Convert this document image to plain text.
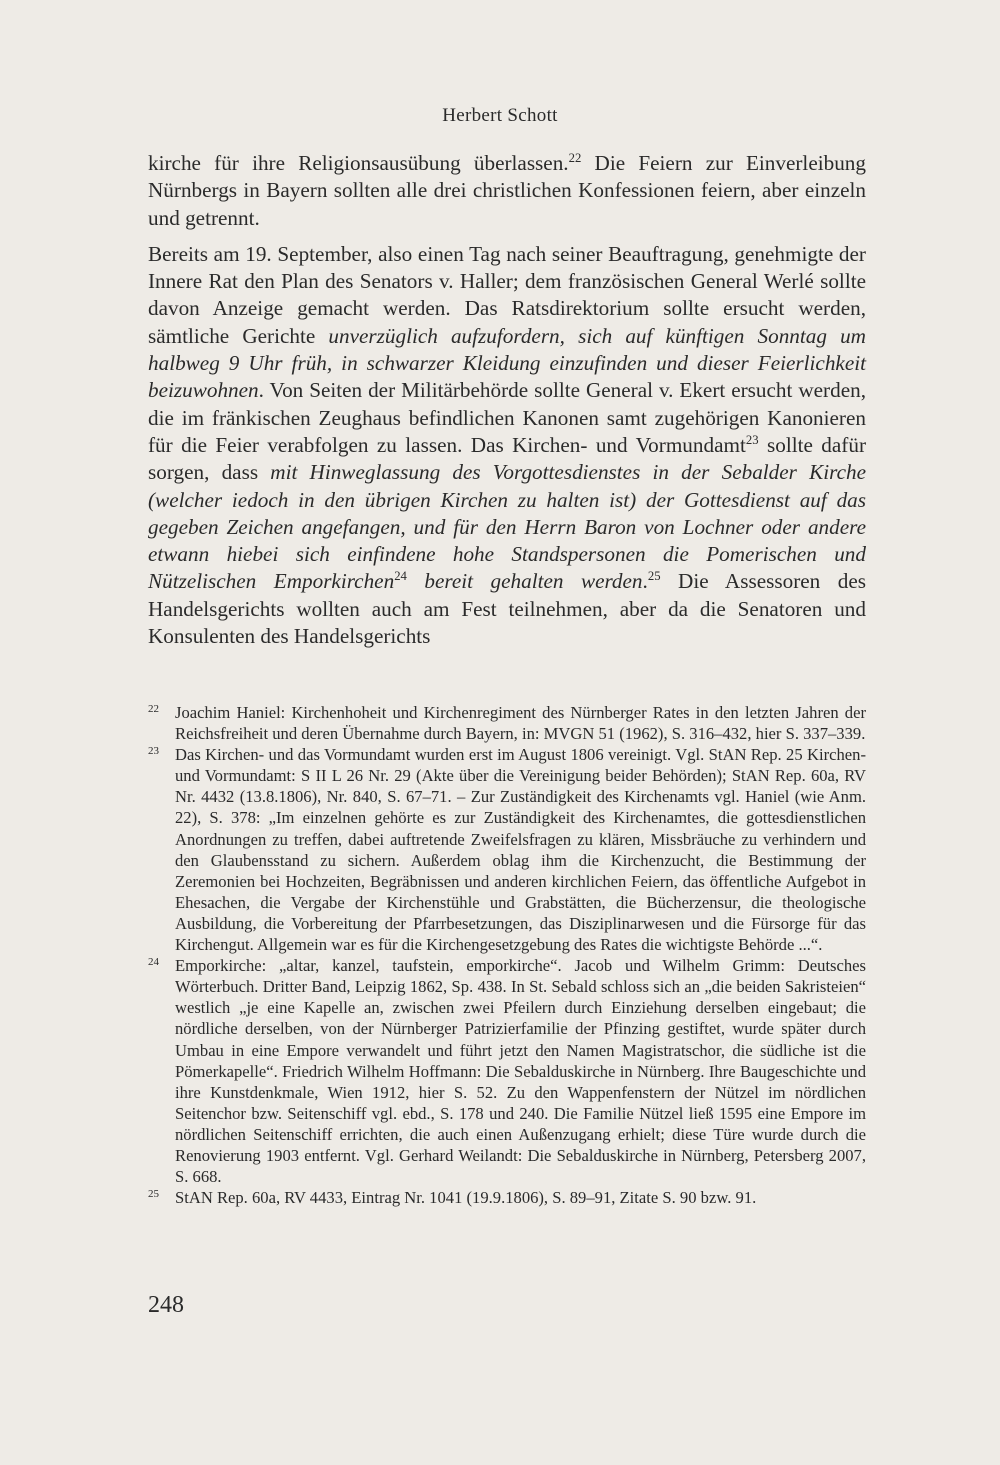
Herbert Schott

kirche für ihre Religionsausübung überlassen.$^{22}$ Die Feiern zur Einverleibung Nürnbergs in Bayern sollten alle drei christlichen Konfessionen feiern, aber einzeln und getrennt.

Bereits am 19. September, also einen Tag nach seiner Beauftragung, genehmigte der Innere Rat den Plan des Senators v. Haller; dem französischen General Werlé sollte davon Anzeige gemacht werden. Das Ratsdirektorium sollte ersucht werden, sämtliche Gerichte unverzüglich aufzufordern, sich auf künftigen Sonntag um halbweg 9 Uhr früh, in schwarzer Kleidung einzufinden und dieser Feierlichkeit beizuwohnen. Von Seiten der Militärbehörde sollte General v. Ekert ersucht werden, die im fränkischen Zeughaus befindlichen Kanonen samt zugehörigen Kanonieren für die Feier verabfolgen zu lassen. Das Kirchen- und Vormundamt$^{23}$ sollte dafür sorgen, dass mit Hinweglassung des Vorgottesdienstes in der Sebalder Kirche (welcher iedoch in den übrigen Kirchen zu halten ist) der Gottesdienst auf das gegeben Zeichen angefangen, und für den Herrn Baron von Lochner oder andere etwann hiebei sich einfindene hohe Standspersonen die Pomerischen und Nützelischen Emporkirchen$^{24}$ bereit gehalten werden.$^{25}$ Die Assessoren des Handelsgerichts wollten auch am Fest teilnehmen, aber da die Senatoren und Konsulenten des Handelsgerichts

22 Joachim Haniel: Kirchenhoheit und Kirchenregiment des Nürnberger Rates in den letzten Jahren der Reichsfreiheit und deren Übernahme durch Bayern, in: MVGN 51 (1962), S. 316–432, hier S. 337–339.
23 Das Kirchen- und das Vormundamt wurden erst im August 1806 vereinigt. Vgl. StAN Rep. 25 Kirchen- und Vormundamt: S II L 26 Nr. 29 (Akte über die Vereinigung beider Behörden); StAN Rep. 60a, RV Nr. 4432 (13.8.1806), Nr. 840, S. 67–71. – Zur Zuständigkeit des Kirchenamts vgl. Haniel (wie Anm. 22), S. 378: „Im einzelnen gehörte es zur Zuständigkeit des Kirchenamtes, die gottesdienstlichen Anordnungen zu treffen, dabei auftretende Zweifelsfragen zu klären, Missbräuche zu verhindern und den Glaubensstand zu sichern. Außerdem oblag ihm die Kirchenzucht, die Bestimmung der Zeremonien bei Hochzeiten, Begräbnissen und anderen kirchlichen Feiern, das öffentliche Aufgebot in Ehesachen, die Vergabe der Kirchenstühle und Grabstätten, die Bücherzensur, die theologische Ausbildung, die Vorbereitung der Pfarrbesetzungen, das Disziplinarwesen und die Fürsorge für das Kirchengut. Allgemein war es für die Kirchengesetzgebung des Rates die wichtigste Behörde ...“.
24 Emporkirche: „altar, kanzel, taufstein, emporkirche“. Jacob und Wilhelm Grimm: Deutsches Wörterbuch. Dritter Band, Leipzig 1862, Sp. 438. In St. Sebald schloss sich an „die beiden Sakristeien“ westlich „je eine Kapelle an, zwischen zwei Pfeilern durch Einziehung derselben eingebaut; die nördliche derselben, von der Nürnberger Patrizierfamilie der Pfinzing gestiftet, wurde später durch Umbau in eine Empore verwandelt und führt jetzt den Namen Magistratschor, die südliche ist die Pömerkapelle“. Friedrich Wilhelm Hoffmann: Die Sebalduskirche in Nürnberg. Ihre Baugeschichte und ihre Kunstdenkmale, Wien 1912, hier S. 52. Zu den Wappenfenstern der Nützel im nördlichen Seitenchor bzw. Seitenschiff vgl. ebd., S. 178 und 240. Die Familie Nützel ließ 1595 eine Empore im nördlichen Seitenschiff errichten, die auch einen Außenzugang erhielt; diese Türe wurde durch die Renovierung 1903 entfernt. Vgl. Gerhard Weilandt: Die Sebalduskirche in Nürnberg, Petersberg 2007, S. 668.
25 StAN Rep. 60a, RV 4433, Eintrag Nr. 1041 (19.9.1806), S. 89–91, Zitate S. 90 bzw. 91.
248
